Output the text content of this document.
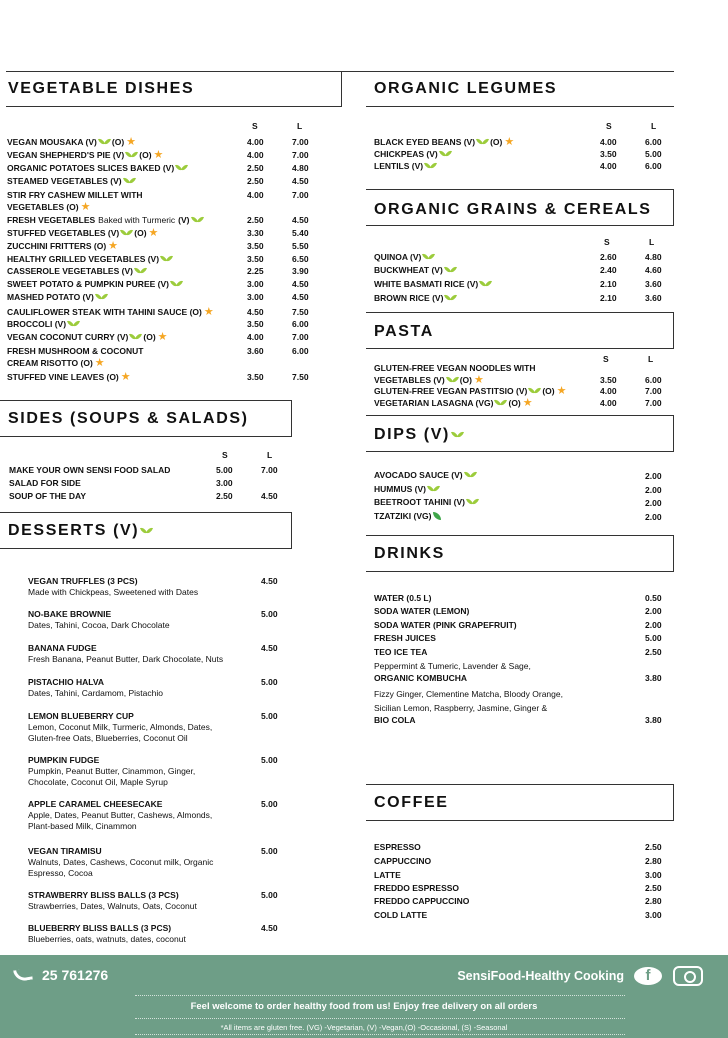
VEGETABLE DISHES	ORGANIC LEGUMES
S	L
VEGAN MOUSAKA (V) (O) ★	4.00	7.00
VEGAN SHEPHERD'S PIE (V) (O) ★	4.00	7.00
ORGANIC POTATOES SLICES BAKED (V)	2.50	4.80
STEAMED VEGETABLES (V)	2.50	4.50
STIR FRY CASHEW MILLET WITH	4.00	7.00
VEGETABLES (O) ★
FRESH VEGETABLES Baked with Turmeric (V)	2.50	4.50
STUFFED VEGETABLES (V) (O) ★	3.30	5.40
ZUCCHINI FRITTERS (O) ★	3.50	5.50
HEALTHY GRILLED VEGETABLES (V)	3.50	6.50
CASSEROLE VEGETABLES (V)	2.25	3.90
SWEET POTATO & PUMPKIN PUREE (V)	3.00	4.50
MASHED POTATO (V)	3.00	4.50
CAULIFLOWER STEAK WITH TAHINI SAUCE (O) ★	4.50	7.50
BROCCOLI (V)	3.50	6.00
VEGAN COCONUT CURRY (V) (O) ★	4.00	7.00
FRESH MUSHROOM & COCONUT	3.60	6.00
CREAM RISOTTO (O) ★
STUFFED VINE LEAVES (O) ★	3.50	7.50
S	L
BLACK EYED BEANS (V) (O) ★	4.00	6.00
CHICKPEAS (V)	3.50	5.00
LENTILS (V)	4.00	6.00
ORGANIC GRAINS & CEREALS
S	L
QUINOA (V)	2.60	4.80
BUCKWHEAT (V)	2.40	4.60
WHITE BASMATI RICE (V)	2.10	3.60
BROWN RICE (V)	2.10	3.60
PASTA
S	L
GLUTEN-FREE VEGAN NOODLES WITH
VEGETABLES (V) (O) ★	3.50	6.00
GLUTEN-FREE VEGAN PASTITSIO (V) (O) ★	4.00	7.00
VEGETARIAN LASAGNA (VG) (O) ★	4.00	7.00
DIPS (V)
AVOCADO SAUCE (V)	2.00
HUMMUS (V)	2.00
BEETROOT TAHINI (V)	2.00
TZATZIKI (VG)	2.00
DRINKS
WATER (0.5 L)	0.50
SODA WATER (LEMON)	2.00
SODA WATER (PINK GRAPEFRUIT)	2.00
FRESH JUICES	5.00
TEO ICE TEA	2.50
Peppermint & Tumeric, Lavender & Sage,
ORGANIC KOMBUCHA	3.80
Fizzy Ginger, Clementine Matcha, Bloody Orange,
Sicilian Lemon, Raspberry, Jasmine, Ginger &
BIO COLA	3.80
COFFEE
ESPRESSO	2.50
CAPPUCCINO	2.80
LATTE	3.00
FREDDO ESPRESSO	2.50
FREDDO CAPPUCCINO	2.80
COLD LATTE	3.00
SIDES (SOUPS & SALADS)
S	L
MAKE YOUR OWN SENSI FOOD SALAD	5.00	7.00
SALAD FOR SIDE	3.00
SOUP OF THE DAY	2.50	4.50
DESSERTS (V)
VEGAN TRUFFLES (3 PCS)	4.50
Made with Chickpeas, Sweetened with Dates
NO-BAKE BROWNIE	5.00
Dates, Tahini, Cocoa, Dark Chocolate
BANANA FUDGE	4.50
Fresh Banana, Peanut Butter, Dark Chocolate, Nuts
PISTACHIO HALVA	5.00
Dates, Tahini, Cardamom, Pistachio
LEMON BLUEBERRY CUP	5.00
Lemon, Coconut Milk, Turmeric, Almonds, Dates,
Gluten-free Oats, Blueberries, Coconut Oil
PUMPKIN FUDGE	5.00
Pumpkin, Peanut Butter, Cinammon, Ginger,
Chocolate, Coconut Oil, Maple Syrup
APPLE CARAMEL CHEESECAKE	5.00
Apple, Dates, Peanut Butter, Cashews, Almonds,
Plant-based Milk, Cinammon
VEGAN TIRAMISU	5.00
Walnuts, Dates, Cashews, Coconut milk, Organic
Espresso, Cocoa
STRAWBERRY BLISS BALLS (3 PCS)	5.00
Strawberries, Dates, Walnuts, Oats, Coconut
BLUEBERRY BLISS BALLS (3 PCS)	4.50
Blueberries, oats, watnuts, dates, coconut
25 761276	SensiFood-Healthy Cooking	f
Feel welcome to order healthy food from us! Enjoy free delivery on all orders
*All items are gluten free. (VG) -Vegetarian, (V) -Vegan,(O) -Occasional, (S) -Seasonal
